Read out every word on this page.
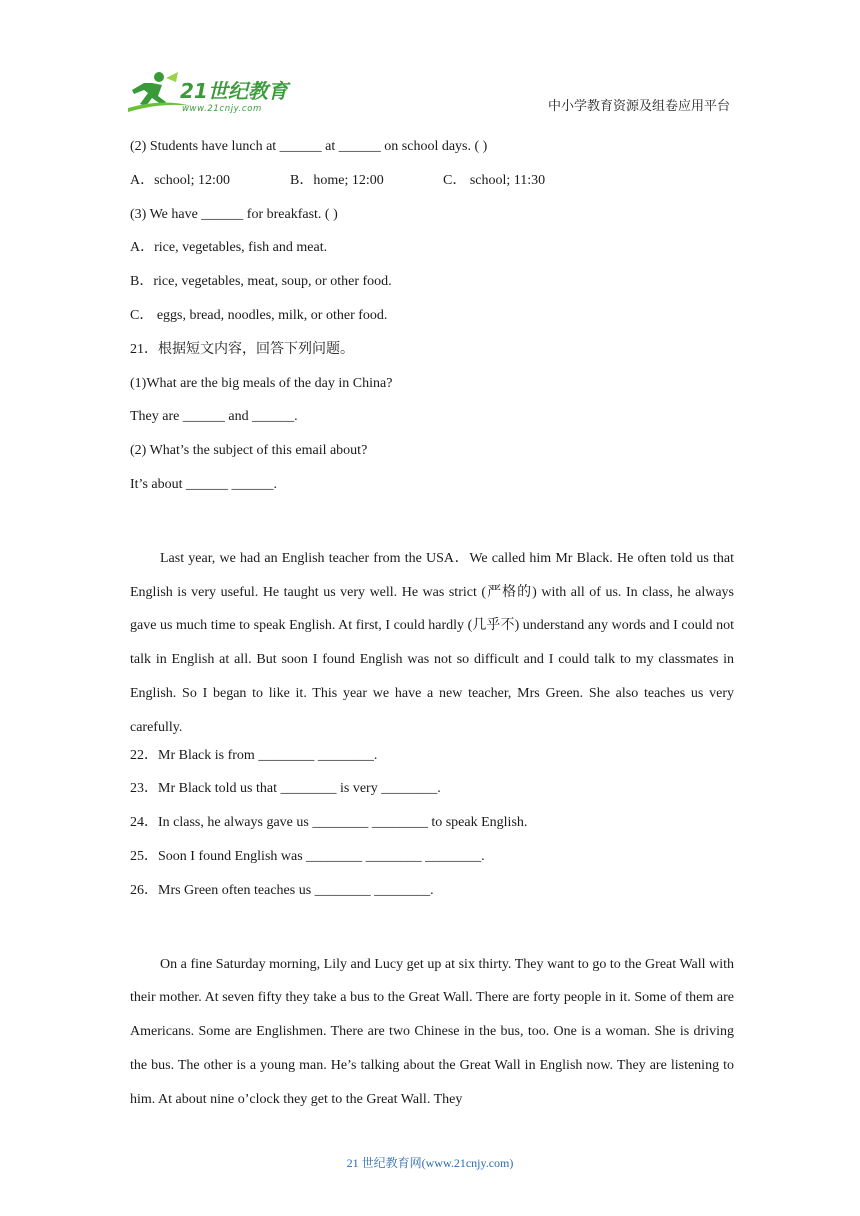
21世纪教育
www.21cnjy.com	中小学教育资源及组卷应用平台
(2) Students have lunch at ______ at ______ on school days. ( )
A．school; 12:00	B．home; 12:00	C． school; 11:30
(3) We have ______ for breakfast. ( )
A．rice, vegetables, fish and meat.
B．rice, vegetables, meat, soup, or other food.
C． eggs, bread, noodles, milk, or other food.
21．根据短文内容，回答下列问题。
(1)What are the big meals of the day in China?
They are ______ and ______.
(2) What’s the subject of this email about?
It’s about ______ ______.
Last year, we had an English teacher from the USA．We called him Mr Black. He often told us that English is very useful. He taught us very well. He was strict (严格的) with all of us. In class, he always gave us much time to speak English. At first, I could hardly (几乎不) understand any words and I could not talk in English at all. But soon I found English was not so difficult and I could talk to my classmates in English. So I began to like it. This year we have a new teacher, Mrs Green. She also teaches us very carefully.
22．Mr Black is from ________ ________.
23．Mr Black told us that ________ is very ________.
24．In class, he always gave us ________ ________ to speak English.
25．Soon I found English was ________ ________ ________.
26．Mrs Green often teaches us ________ ________.
On a fine Saturday morning, Lily and Lucy get up at six thirty. They want to go to the Great Wall with their mother. At seven fifty they take a bus to the Great Wall. There are forty people in it. Some of them are Americans. Some are Englishmen. There are two Chinese in the bus, too. One is a woman. She is driving the bus. The other is a young man. He’s talking about the Great Wall in English now. They are listening to him. At about nine o’clock they get to the Great Wall. They
21 世纪教育网(www.21cnjy.com)
